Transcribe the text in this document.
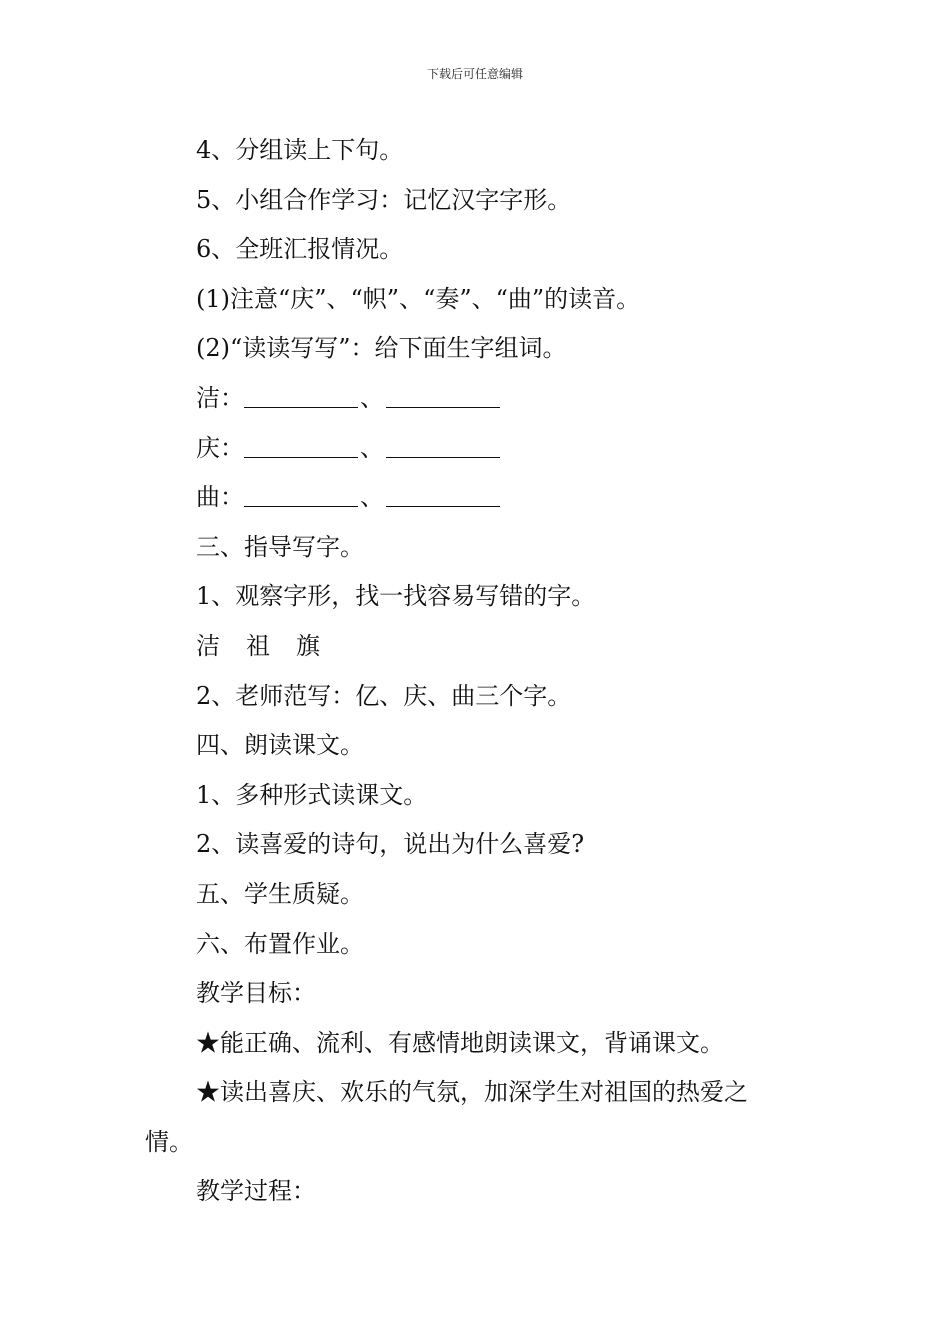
下载后可任意编辑
4、分组读上下句。
5、小组合作学习：记忆汉字字形。
6、全班汇报情况。
(1)注意“庆”、“帜”、“奏”、“曲”的读音。
(2)“读读写写”：给下面生字组词。
洁：	、
庆：	、
曲：	、
三、指导写字。
1、观察字形，找一找容易写错的字。
洁 祖 旗
2、老师范写：亿、庆、曲三个字。
四、朗读课文。
1、多种形式读课文。
2、读喜爱的诗句，说出为什么喜爱?
五、学生质疑。
六、布置作业。
教学目标：
★能正确、流利、有感情地朗读课文，背诵课文。
★读出喜庆、欢乐的气氛，加深学生对祖国的热爱之
情。
教学过程：
